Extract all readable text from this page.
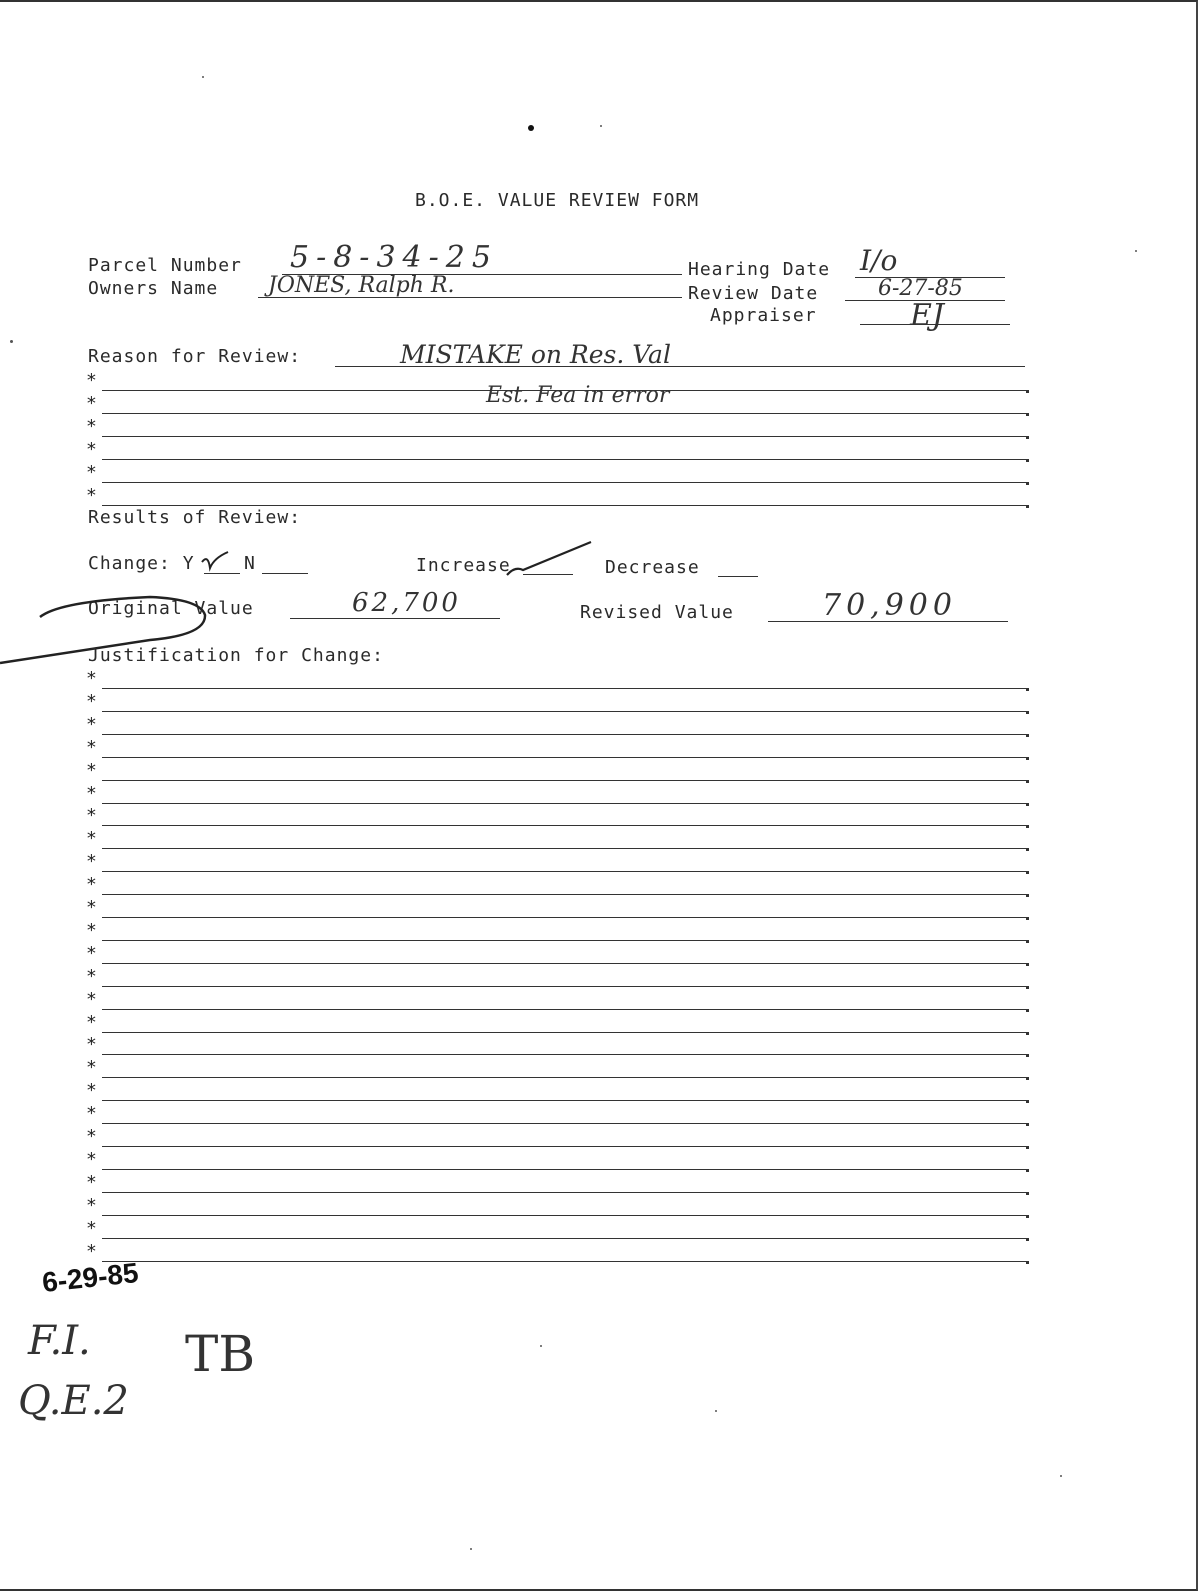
B.O.E. VALUE REVIEW FORM
Parcel Number 5-8-34-25	Hearing Date I/o
Owners Name JONES, Ralph R.	Review Date	6-27-85
Appraiser	EJ
Reason for Review:	MISTAKE on Res. Val
*
*	Est. Fea in error
*
*
*
*
Results of Review:
Change: Y	N	Increase	Decrease
Original Value	62,700	Revised Value	70,900
Justification for Change:
*
*
*
*
*
*
*
*
*
*
*
*
*
*
*
*
*
*
*
*
*
*
*
*
*
*
6-29-85
F.I.
Q.E.2
TB
